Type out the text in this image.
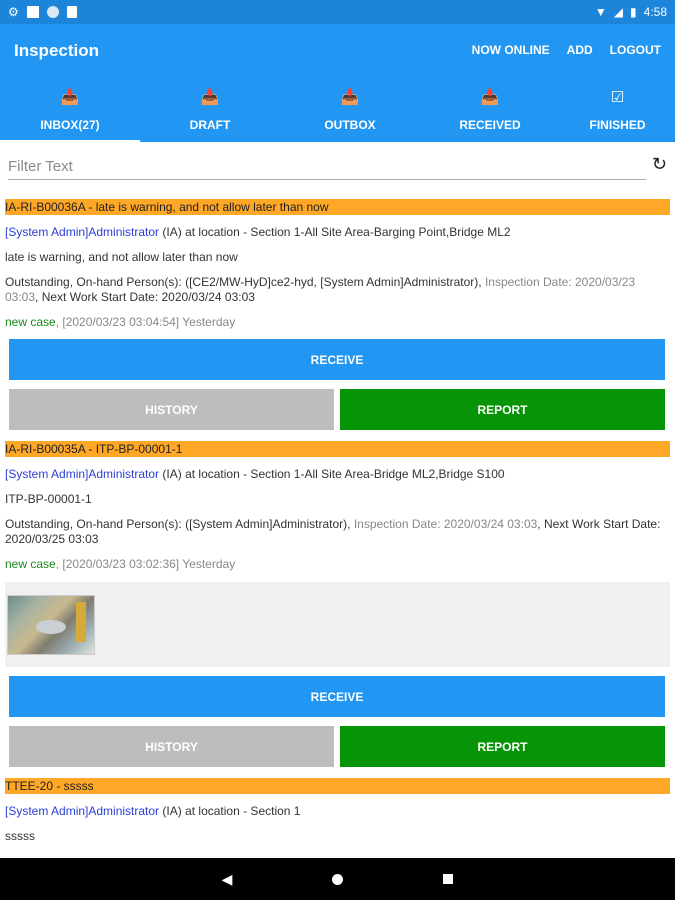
⚙	▼ ◢ ▮ 4:58
Inspection	NOW ONLINE ADD LOGOUT
📥
INBOX(27)
📥
DRAFT
📥
OUTBOX
📥
RECEIVED
☑
FINISHED
Filter Text
↻
IA-RI-B00036A - late is warning, and not allow later than now
[System Admin]Administrator (IA) at location - Section 1-All Site Area-Barging Point,Bridge ML2
late is warning, and not allow later than now
Outstanding, On-hand Person(s): ([CE2/MW-HyD]ce2-hyd, [System Admin]Administrator), Inspection Date: 2020/03/23 03:03, Next Work Start Date: 2020/03/24 03:03
new case, [2020/03/23 03:04:54] Yesterday
RECEIVE
HISTORY	REPORT
IA-RI-B00035A - ITP-BP-00001-1
[System Admin]Administrator (IA) at location - Section 1-All Site Area-Bridge ML2,Bridge S100
ITP-BP-00001-1
Outstanding, On-hand Person(s): ([System Admin]Administrator), Inspection Date: 2020/03/24 03:03, Next Work Start Date: 2020/03/25 03:03
new case, [2020/03/23 03:02:36] Yesterday
RECEIVE
HISTORY	REPORT
TTEE-20 - sssss
[System Admin]Administrator (IA) at location - Section 1
sssss
◀
